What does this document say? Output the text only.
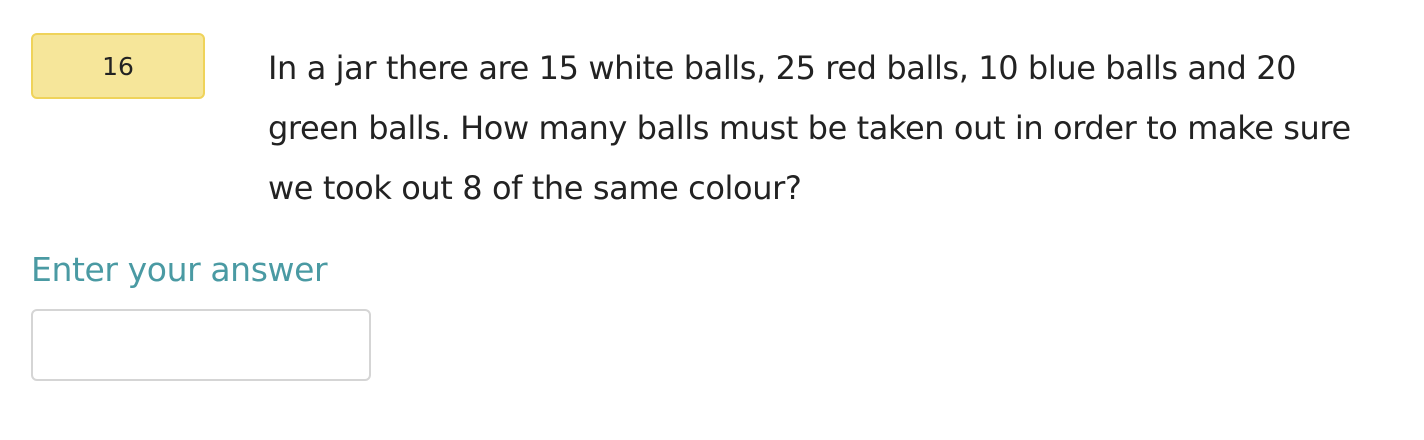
16	In a jar there are 15 white balls, 25 red balls, 10 blue balls and 20 green balls. How many balls must be taken out in order to make sure we took out 8 of the same colour?
Enter your answer
